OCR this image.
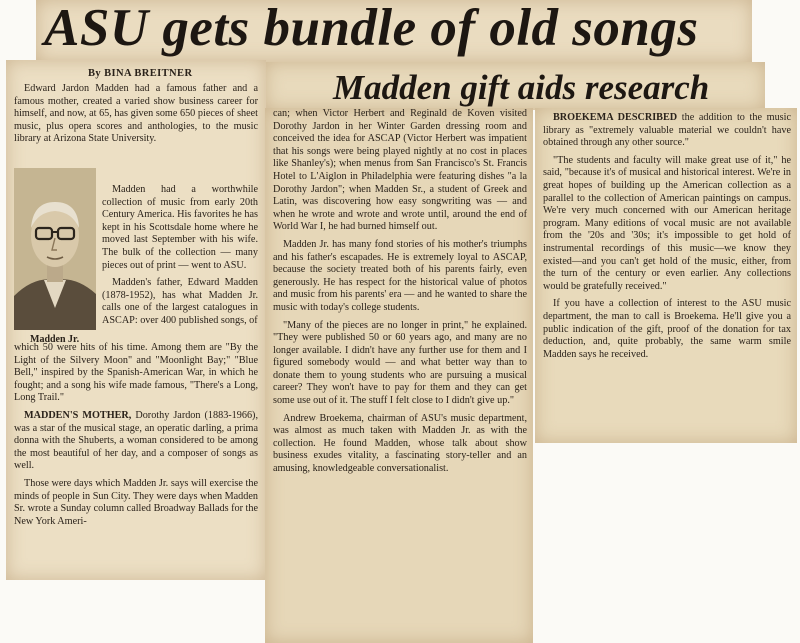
ASU gets bundle of old songs
Madden gift aids research
By BINA BREITNER

Edward Jardon Madden had a famous father and a famous mother, created a varied show business career for himself, and now, at 65, has given some 650 pieces of sheet music, plus opera scores and anthologies, to the music library at Arizona State University.

Madden Jr.

Madden had a worthwhile collection of music from early 20th Century America. His favorites he has kept in his Scottsdale home where he moved last September with his wife. The bulk of the collection — many pieces out of print — went to ASU.

Madden's father, Edward Madden (1878-1952), has what Madden Jr. calls one of the largest catalogues in ASCAP: over 400 published songs, of

which 50 were hits of his time. Among them are "By the Light of the Silvery Moon" and "Moonlight Bay;" "Blue Bell," inspired by the Spanish-American War, in which he fought; and a song his wife made famous, "There's a Long, Long Trail."

MADDEN'S MOTHER, Dorothy Jardon (1883-1966), was a star of the musical stage, an operatic darling, a prima donna with the Shuberts, a woman considered to be among the most beautiful of her day, and a composer of songs as well.

Those were days which Madden Jr. says will exercise the minds of people in Sun City. They were days when Madden Sr. wrote a Sunday column called Broadway Ballads for the New York Ameri-

can; when Victor Herbert and Reginald de Koven visited Dorothy Jardon in her Winter Garden dressing room and conceived the idea for ASCAP (Victor Herbert was impatient that his songs were being played nightly at no cost in places like Shanley's); when menus from San Francisco's St. Francis Hotel to L'Aiglon in Philadelphia were featuring dishes "a la Dorothy Jardon"; when Madden Sr., a student of Greek and Latin, was discovering how easy songwriting was — and when he wrote and wrote and wrote until, around the end of World War I, he had burned himself out.

Madden Jr. has many fond stories of his mother's triumphs and his father's escapades. He is extremely loyal to ASCAP, because the society treated both of his parents fairly, even generously. He has respect for the historical value of photos and music from his parents' era — and he wanted to share the music with today's college students.

"Many of the pieces are no longer in print," he explained. "They were published 50 or 60 years ago, and many are no longer available. I didn't have any further use for them and I figured somebody would — and what better way than to donate them to young students who are pursuing a musical career? They won't have to pay for them and they can get some use out of it. The stuff I felt close to I didn't give up."

Andrew Broekema, chairman of ASU's music department, was almost as much taken with Madden Jr. as with the collection. He found Madden, whose talk about show business exudes vitality, a fascinating story-teller and an amusing, knowledgeable conversationalist.

BROEKEMA DESCRIBED the addition to the music library as "extremely valuable material we couldn't have obtained through any other source."

"The students and faculty will make great use of it," he said, "because it's of musical and historical interest. We're in great hopes of building up the American collection as a parallel to the collection of American paintings on campus. We're very much concerned with our American heritage program. Many editions of vocal music are not available from the '20s and '30s; it's impossible to get hold of instrumental recordings of this music—we know they existed—and you can't get hold of the music, either, from the turn of the century or even earlier. Any collections would be gratefully received."

If you have a collection of interest to the ASU music department, the man to call is Broekema. He'll give you a public indication of the gift, proof of the donation for tax deduction, and, quite probably, the same warm smile Madden says he received.
